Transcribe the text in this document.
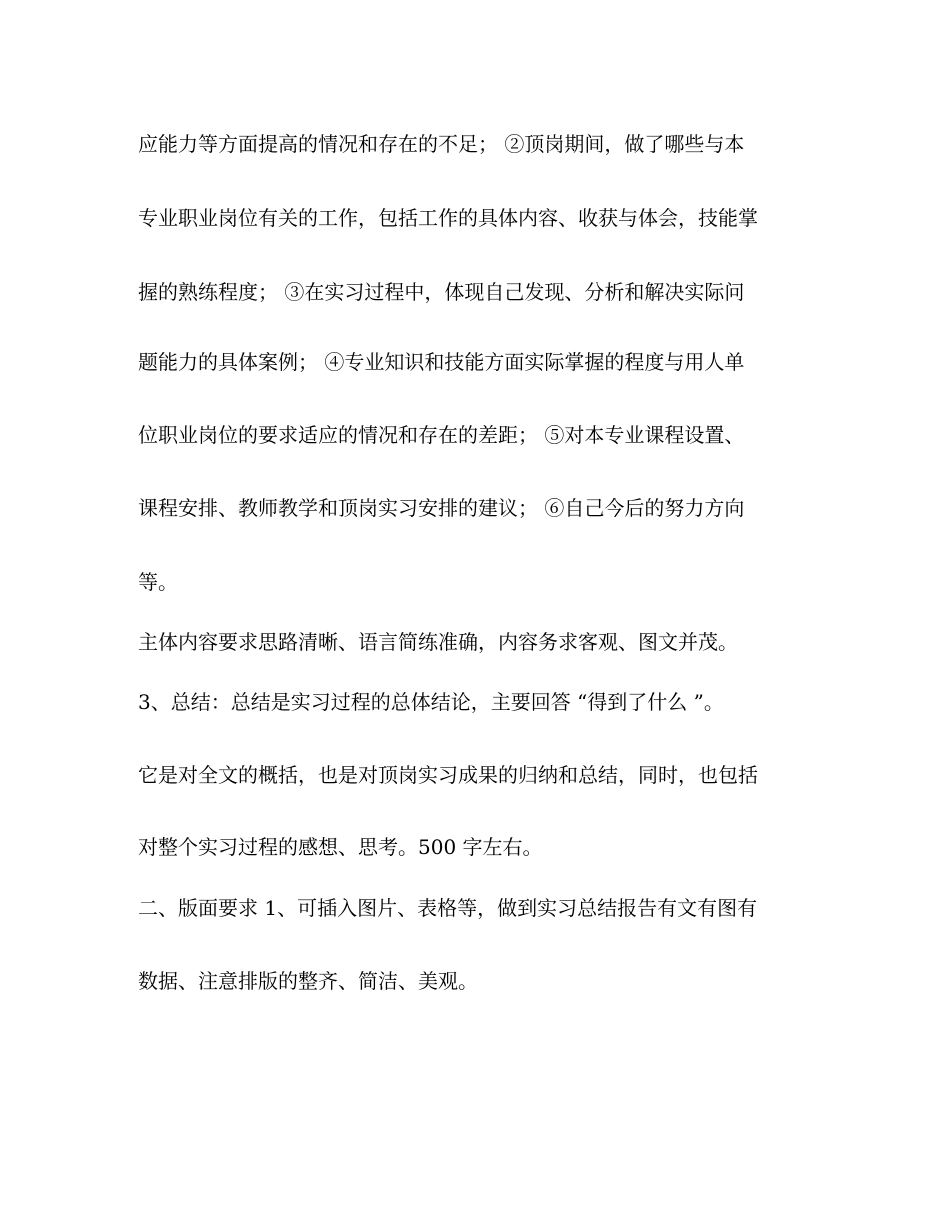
应能力等方面提高的情况和存在的不足； ②顶岗期间，做了哪些与本
专业职业岗位有关的工作，包括工作的具体内容、收获与体会，技能掌
握的熟练程度； ③在实习过程中，体现自己发现、分析和解决实际问
题能力的具体案例； ④专业知识和技能方面实际掌握的程度与用人单
位职业岗位的要求适应的情况和存在的差距； ⑤对本专业课程设置、
课程安排、教师教学和顶岗实习安排的建议； ⑥自己今后的努力方向
等。
主体内容要求思路清晰、语言简练准确，内容务求客观、图文并茂。
3、总结：总结是实习过程的总体结论，主要回答 “得到了什么 ”。
它是对全文的概括，也是对顶岗实习成果的归纳和总结，同时，也包括
对整个实习过程的感想、思考。500 字左右。
二、版面要求 1、可插入图片、表格等，做到实习总结报告有文有图有
数据、注意排版的整齐、简洁、美观。
